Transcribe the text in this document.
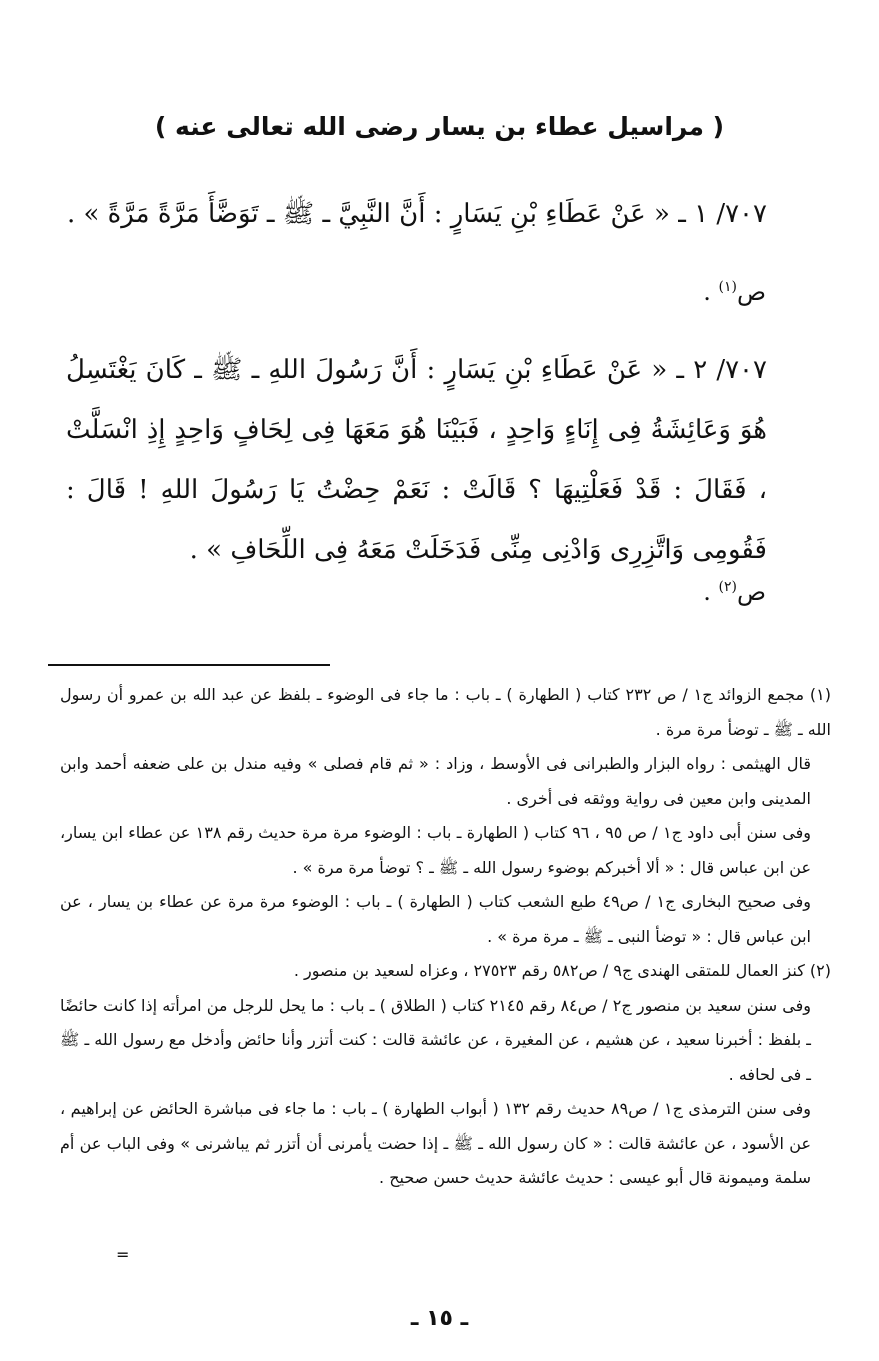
( مراسيل عطاء بن يسار رضى الله تعالى عنه )
٧٠٧/ ١ ـ « عَنْ عَطَاءِ بْنِ يَسَارٍ : أَنَّ النَّبِيَّ ـ ﷺ ـ تَوَضَّأَ مَرَّةً مَرَّةً » .
ص$^{(١)}$ .
٧٠٧/ ٢ ـ « عَنْ عَطَاءِ بْنِ يَسَارٍ : أَنَّ رَسُولَ اللهِ ـ ﷺ ـ كَانَ يَغْتَسِلُ هُوَ وَعَائِشَةُ فِى إِنَاءٍ وَاحِدٍ ، فَبَيْنَا هُوَ مَعَهَا فِى لِحَافٍ وَاحِدٍ إِذِ انْسَلَّتْ ، فَقَالَ : قَدْ فَعَلْتِيهَا ؟ قَالَتْ : نَعَمْ حِضْتُ يَا رَسُولَ اللهِ ! قَالَ : فَقُومِى وَاتَّزِرِى وَادْنِى مِنِّى فَدَخَلَتْ مَعَهُ فِى اللِّحَافِ » .
ص$^{(٢)}$ .

(١) مجمع الزوائد ج١ / ص ٢٣٢ كتاب ( الطهارة ) ـ باب : ما جاء فى الوضوء ـ بلفظ عن عبد الله بن عمرو أن رسول الله ـ ﷺ ـ توضأ مرة مرة .

قال الهيثمى : رواه البزار والطبرانى فى الأوسط ، وزاد : « ثم قام فصلى » وفيه مندل بن على ضعفه أحمد وابن المدينى وابن معين فى رواية ووثقه فى أخرى .

وفى سنن أبى داود ج١ / ص ٩٥ ، ٩٦ كتاب ( الطهارة ـ باب : الوضوء مرة مرة حديث رقم ١٣٨ عن عطاء ابن يسار، عن ابن عباس قال : « ألا أخبركم بوضوء رسول الله ـ ﷺ ـ ؟ توضأ مرة مرة » .

وفى صحيح البخارى ج١ / ص٤٩ طبع الشعب كتاب ( الطهارة ) ـ باب : الوضوء مرة مرة عن عطاء بن يسار ، عن ابن عباس قال : « توضأ النبى ـ ﷺ ـ مرة مرة » .

(٢) كنز العمال للمتقى الهندى ج٩ / ص٥٨٢ رقم ٢٧٥٢٣ ، وعزاه لسعيد بن منصور .

وفى سنن سعيد بن منصور ج٢ / ص٨٤ رقم ٢١٤٥ كتاب ( الطلاق ) ـ باب : ما يحل للرجل من امرأته إذا كانت حائضًا ـ بلفظ : أخبرنا سعيد ، عن هشيم ، عن المغيرة ، عن عائشة قالت : كنت أتزر وأنا حائض وأدخل مع رسول الله ـ ﷺ ـ فى لحافه .

وفى سنن الترمذى ج١ / ص٨٩ حديث رقم ١٣٢ ( أبواب الطهارة ) ـ باب : ما جاء فى مباشرة الحائض عن إبراهيم ، عن الأسود ، عن عائشة قالت : « كان رسول الله ـ ﷺ ـ إذا حضت يأمرنى أن أتزر ثم يباشرنى » وفى الباب عن أم سلمة وميمونة قال أبو عيسى : حديث عائشة حديث حسن صحيح .

=
ـ ١٥ ـ
